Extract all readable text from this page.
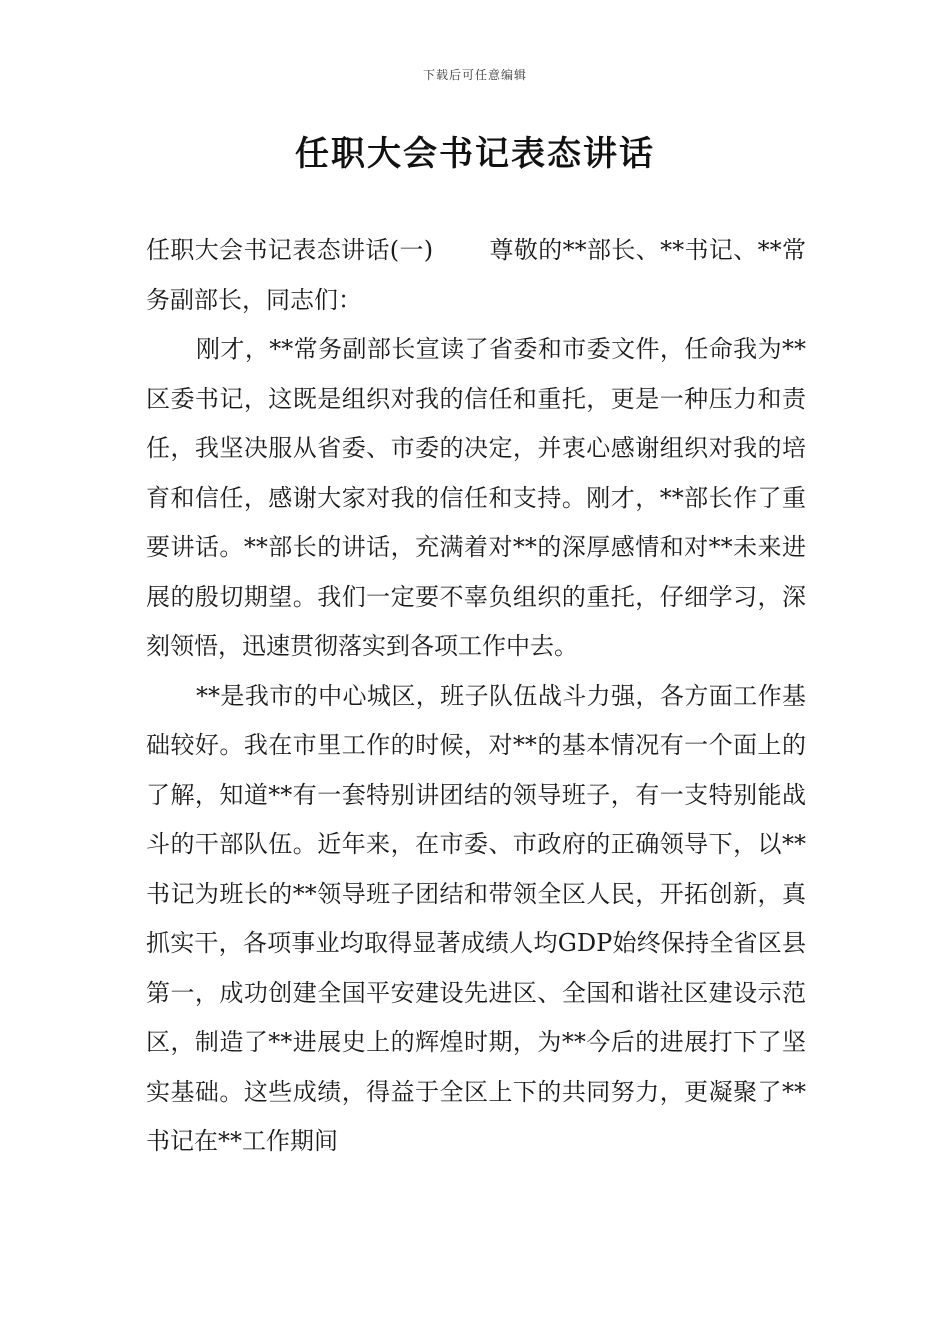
下载后可任意编辑
任职大会书记表态讲话

任职大会书记表态讲话(一) 尊敬的**部长、**书记、**常务副部长，同志们：

刚才，**常务副部长宣读了省委和市委文件，任命我为**区委书记，这既是组织对我的信任和重托，更是一种压力和责任，我坚决服从省委、市委的决定，并衷心感谢组织对我的培育和信任，感谢大家对我的信任和支持。刚才，**部长作了重要讲话。**部长的讲话，充满着对**的深厚感情和对**未来进展的殷切期望。我们一定要不辜负组织的重托，仔细学习，深刻领悟，迅速贯彻落实到各项工作中去。

**是我市的中心城区，班子队伍战斗力强，各方面工作基础较好。我在市里工作的时候，对**的基本情况有一个面上的了解，知道**有一套特别讲团结的领导班子，有一支特别能战斗的干部队伍。近年来，在市委、市政府的正确领导下，以**书记为班长的**领导班子团结和带领全区人民，开拓创新，真抓实干，各项事业均取得显著成绩人均GDP始终保持全省区县第一，成功创建全国平安建设先进区、全国和谐社区建设示范区，制造了**进展史上的辉煌时期，为**今后的进展打下了坚实基础。这些成绩，得益于全区上下的共同努力，更凝聚了**书记在**工作期间
